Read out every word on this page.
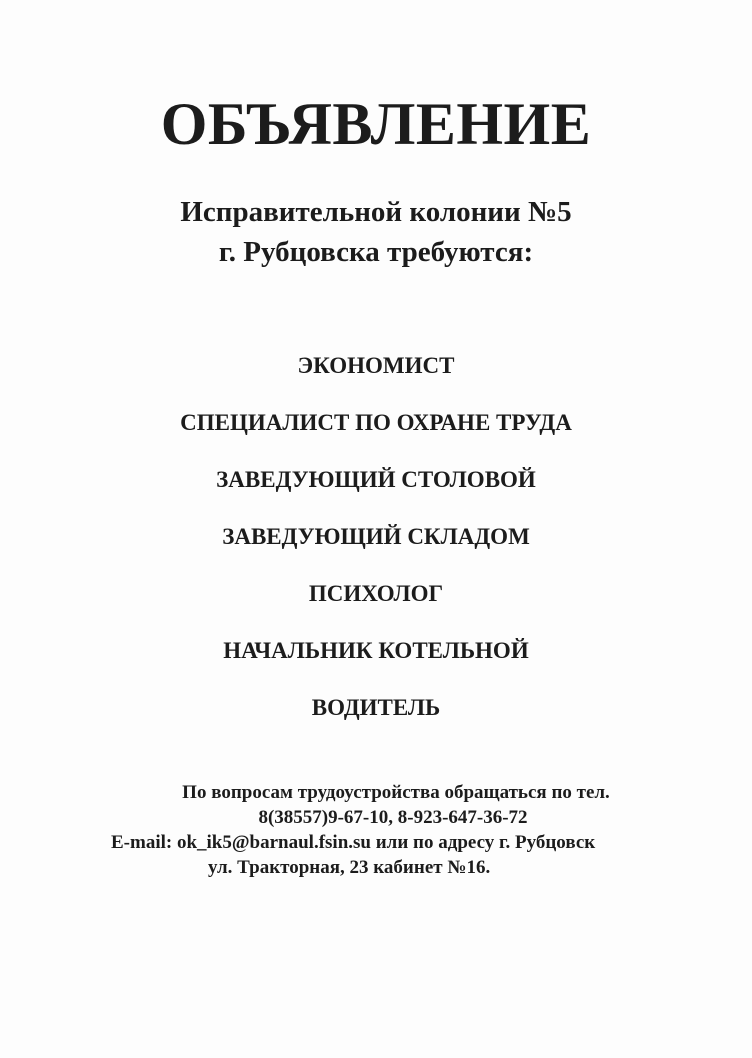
ОБЪЯВЛЕНИЕ
Исправительной колонии №5
г. Рубцовска требуются:
ЭКОНОМИСТ
СПЕЦИАЛИСТ ПО ОХРАНЕ ТРУДА
ЗАВЕДУЮЩИЙ СТОЛОВОЙ
ЗАВЕДУЮЩИЙ СКЛАДОМ
ПСИХОЛОГ
НАЧАЛЬНИК КОТЕЛЬНОЙ
ВОДИТЕЛЬ
По вопросам трудоустройства обращаться по тел.
8(38557)9-67-10, 8-923-647-36-72
E-mail: ok_ik5@barnaul.fsin.su или по адресу г. Рубцовск
ул. Тракторная, 23 кабинет №16.
